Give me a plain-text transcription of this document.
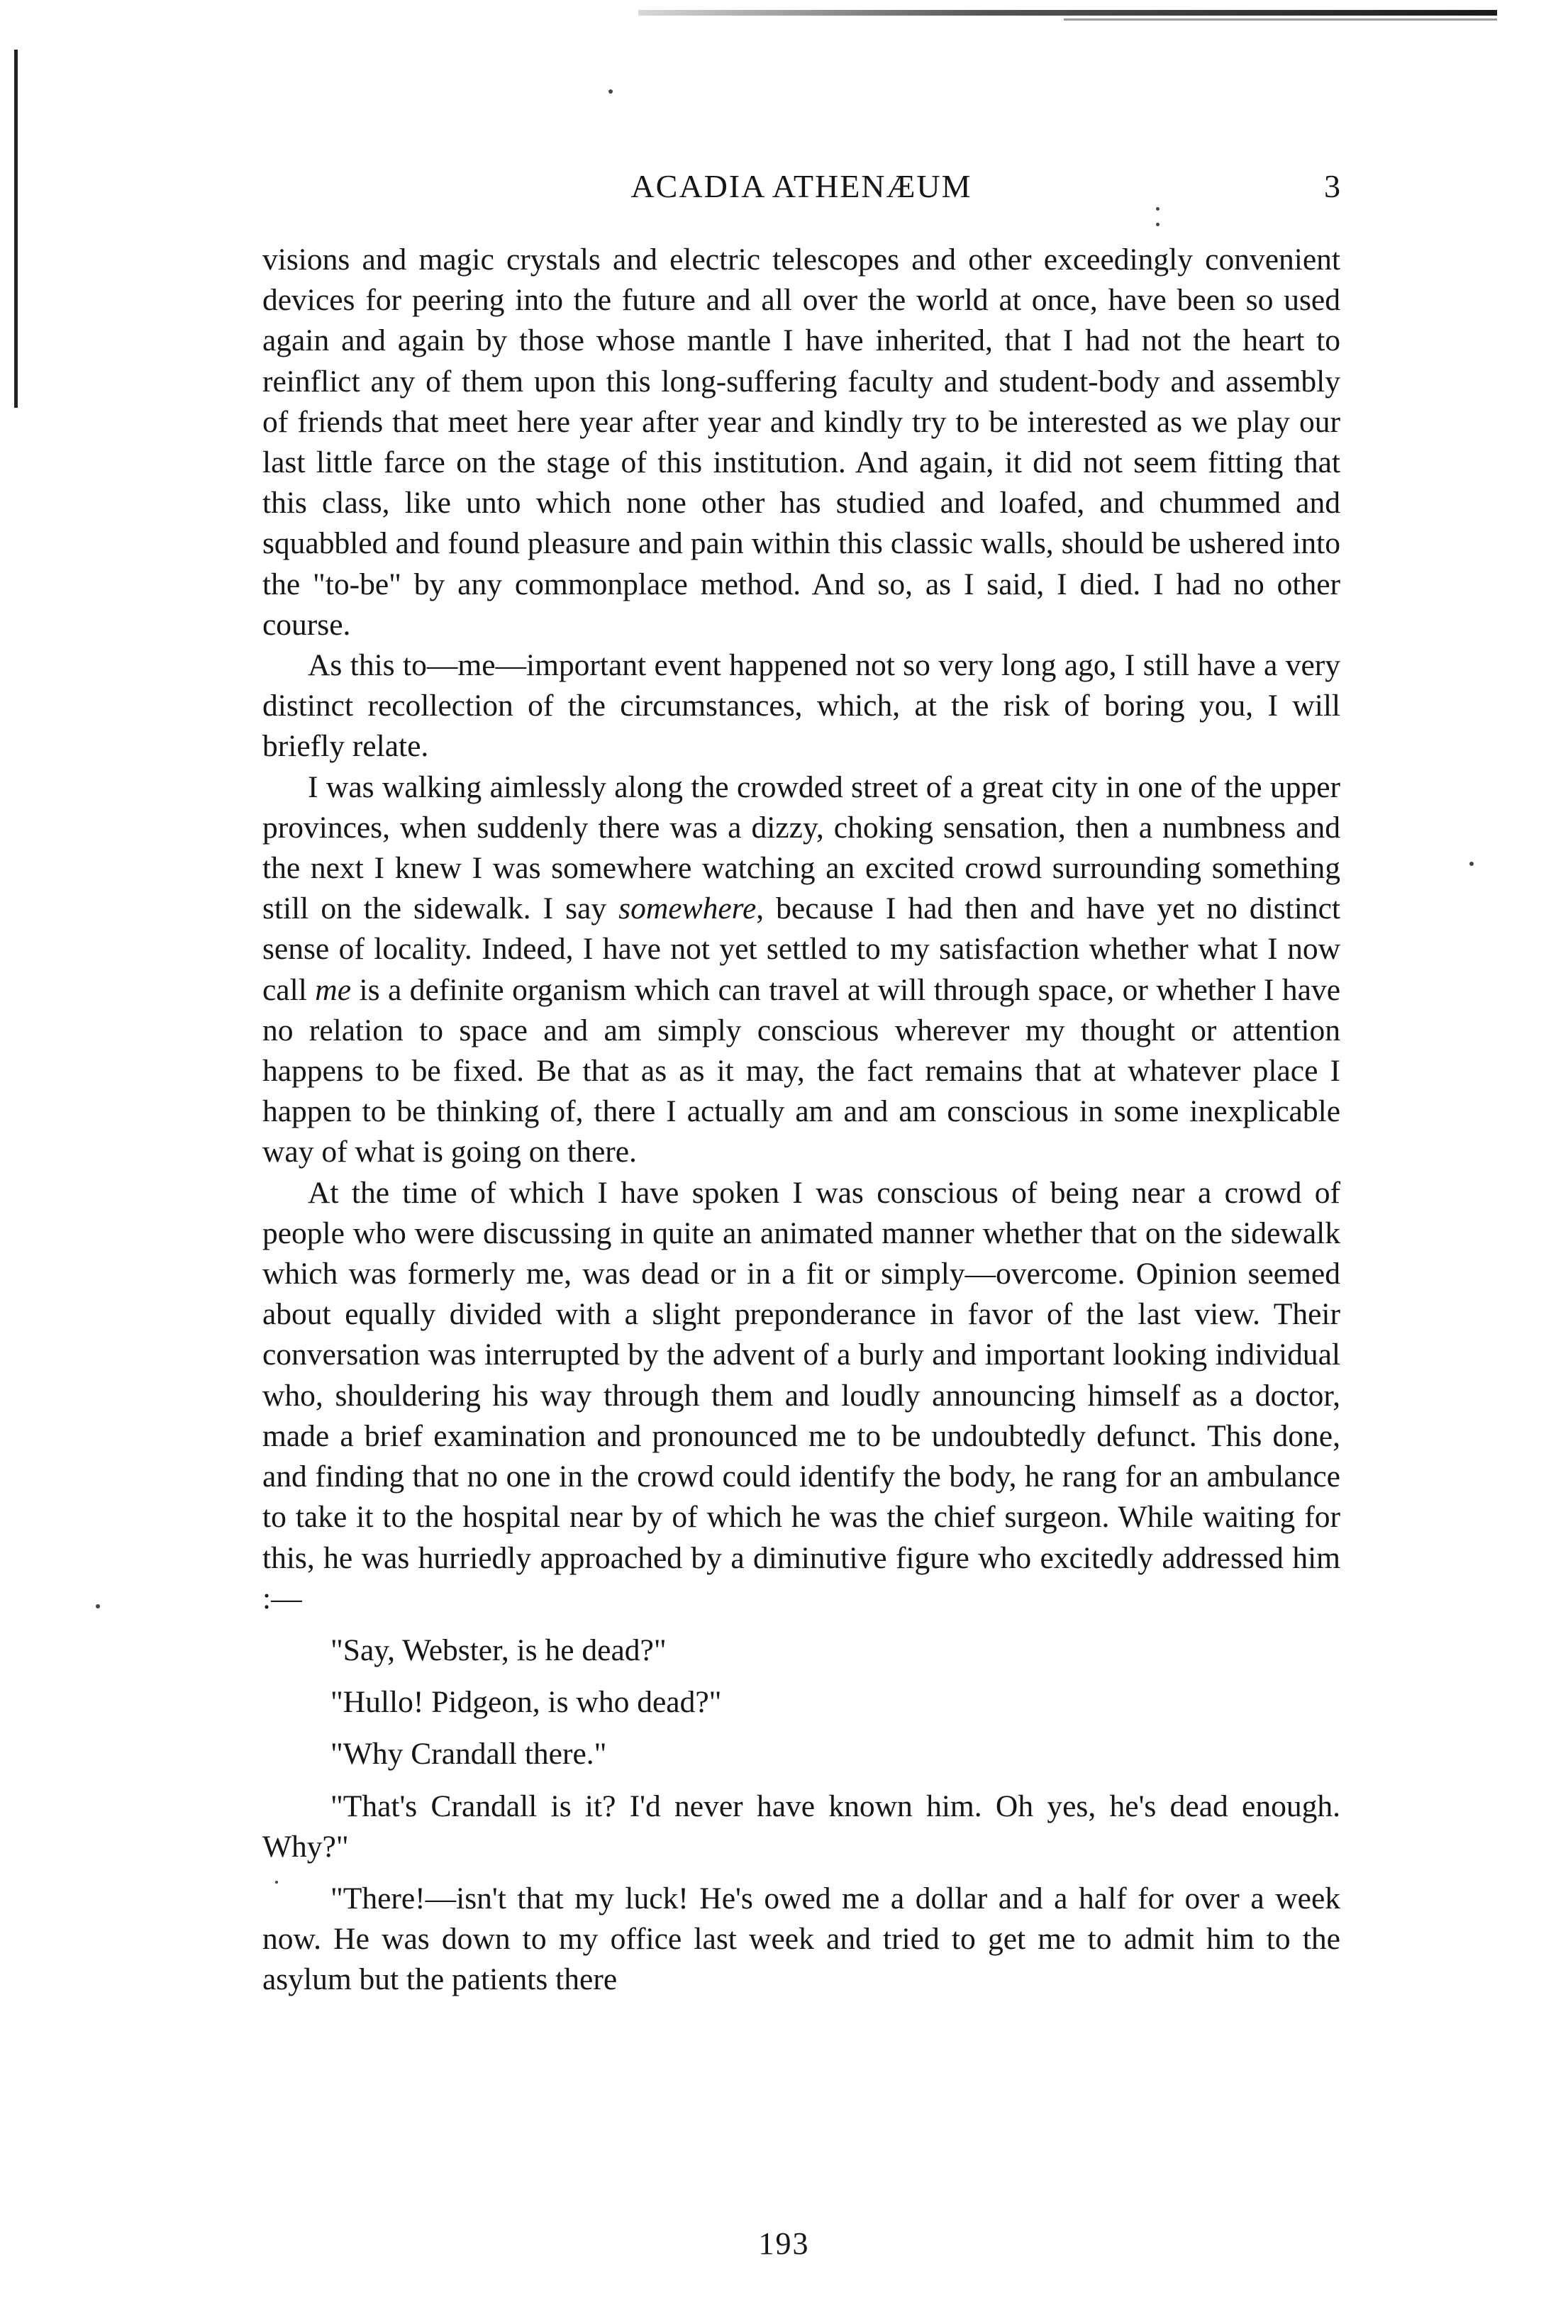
ACADIA ATHENÆUM	3

visions and magic crystals and electric telescopes and other exceedingly convenient devices for peering into the future and all over the world at once, have been so used again and again by those whose mantle I have inherited, that I had not the heart to reinflict any of them upon this long-suffering faculty and student-body and assembly of friends that meet here year after year and kindly try to be interested as we play our last little farce on the stage of this institution. And again, it did not seem fitting that this class, like unto which none other has studied and loafed, and chummed and squabbled and found pleasure and pain within this classic walls, should be ushered into the "to-be" by any commonplace method. And so, as I said, I died. I had no other course.

As this to—me—important event happened not so very long ago, I still have a very distinct recollection of the circumstances, which, at the risk of boring you, I will briefly relate.

I was walking aimlessly along the crowded street of a great city in one of the upper provinces, when suddenly there was a dizzy, choking sensation, then a numbness and the next I knew I was somewhere watching an excited crowd surrounding something still on the sidewalk. I say somewhere, because I had then and have yet no distinct sense of locality. Indeed, I have not yet settled to my satisfaction whether what I now call me is a definite organism which can travel at will through space, or whether I have no relation to space and am simply conscious wherever my thought or attention happens to be fixed. Be that as as it may, the fact remains that at whatever place I happen to be thinking of, there I actually am and am conscious in some inexplicable way of what is going on there.

At the time of which I have spoken I was conscious of being near a crowd of people who were discussing in quite an animated manner whether that on the sidewalk which was formerly me, was dead or in a fit or simply—overcome. Opinion seemed about equally divided with a slight preponderance in favor of the last view. Their conversation was interrupted by the advent of a burly and important looking individual who, shouldering his way through them and loudly announcing himself as a doctor, made a brief examination and pronounced me to be undoubtedly defunct. This done, and finding that no one in the crowd could identify the body, he rang for an ambulance to take it to the hospital near by of which he was the chief surgeon. While waiting for this, he was hurriedly approached by a diminutive figure who excitedly addressed him :—

"Say, Webster, is he dead?"

"Hullo! Pidgeon, is who dead?"

"Why Crandall there."

"That's Crandall is it? I'd never have known him. Oh yes, he's dead enough. Why?"

"There!—isn't that my luck! He's owed me a dollar and a half for over a week now. He was down to my office last week and tried to get me to admit him to the asylum but the patients there

193
